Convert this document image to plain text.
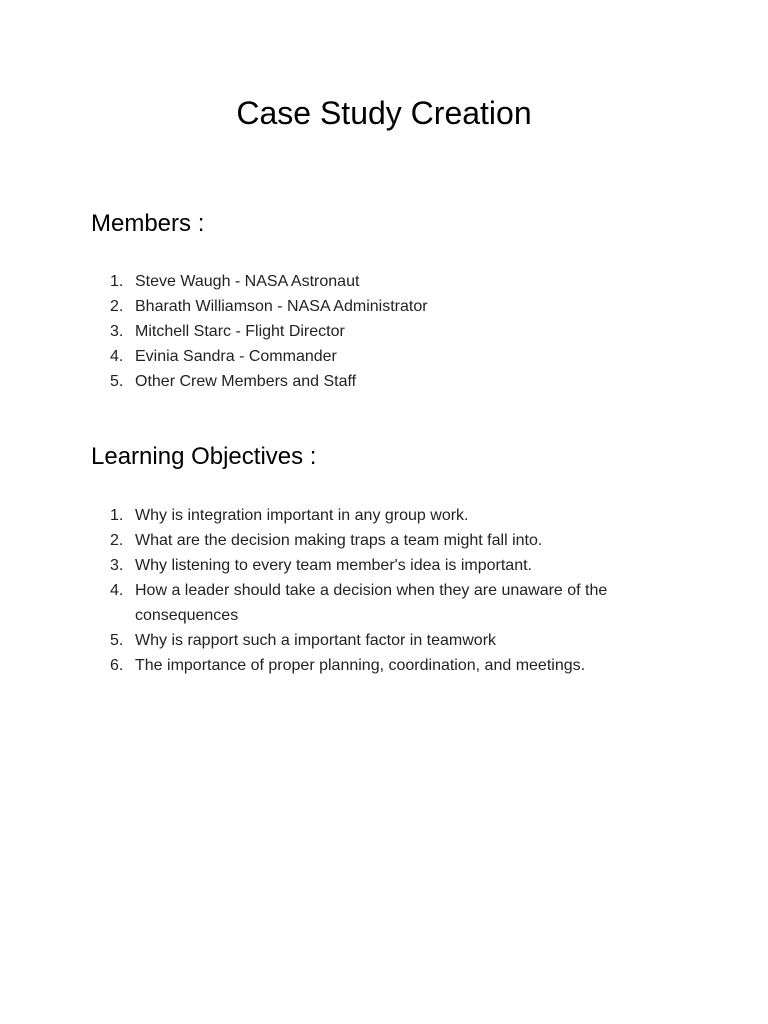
Case Study Creation
Members :
1. Steve Waugh - NASA Astronaut
2. Bharath Williamson - NASA Administrator
3. Mitchell Starc - Flight Director
4. Evinia Sandra - Commander
5. Other Crew Members and Staff
Learning Objectives :
1. Why is integration important in any group work.
2. What are the decision making traps a team might fall into.
3. Why listening to every team member's idea is important.
4. How a leader should take a decision when they are unaware of the consequences
5. Why is rapport such a important factor in teamwork
6. The importance of proper planning, coordination, and meetings.
